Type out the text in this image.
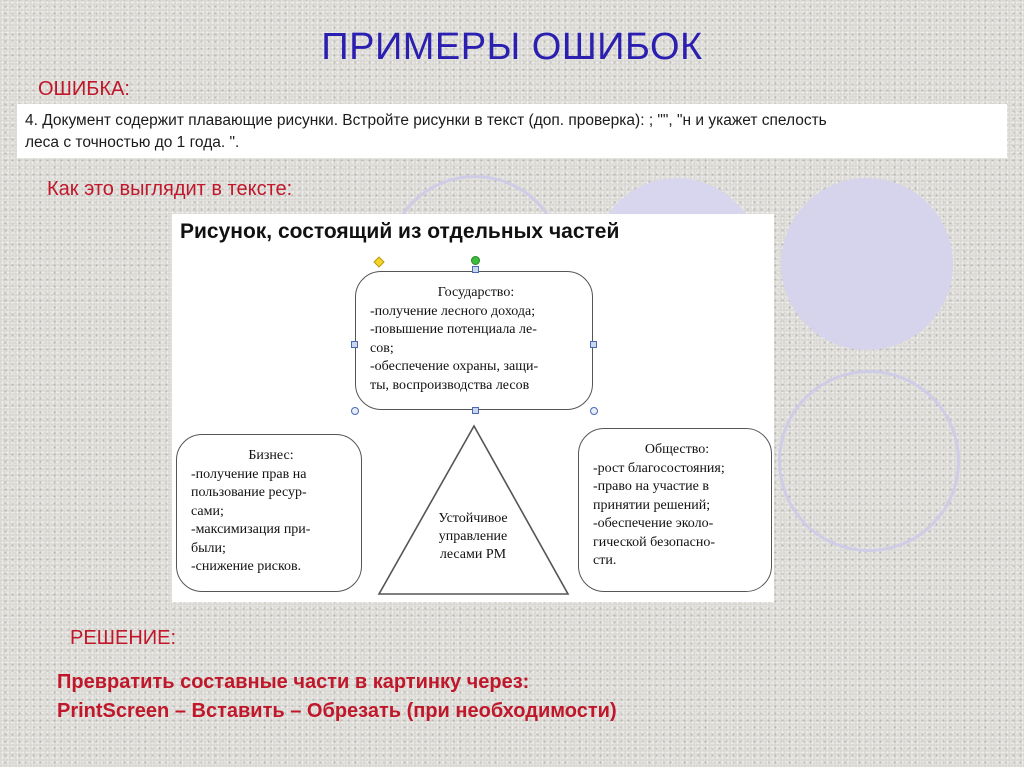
ПРИМЕРЫ ОШИБОК
ОШИБКА:
4. Документ содержит плавающие рисунки. Встройте рисунки в текст (доп. проверка): ; "", "н и укажет спелость
леса с точностью до 1 года. ".
Как это выглядит в тексте:
Рисунок, состоящий из отдельных частей
Государство:
-получение лесного дохода;
-повышение потенциала ле-
сов;
-обеспечение охраны, защи-
ты, воспроизводства лесов
Бизнес:
-получение прав на
пользование ресур-
сами;
-максимизация при-
были;
-снижение рисков.
Общество:
-рост благосостояния;
-право на участие в
принятии решений;
-обеспечение эколо-
гической безопасно-
сти.
Устойчивое
управление
лесами РМ
РЕШЕНИЕ:
Превратить составные части в картинку через:
PrintScreen – Вставить – Обрезать (при необходимости)
